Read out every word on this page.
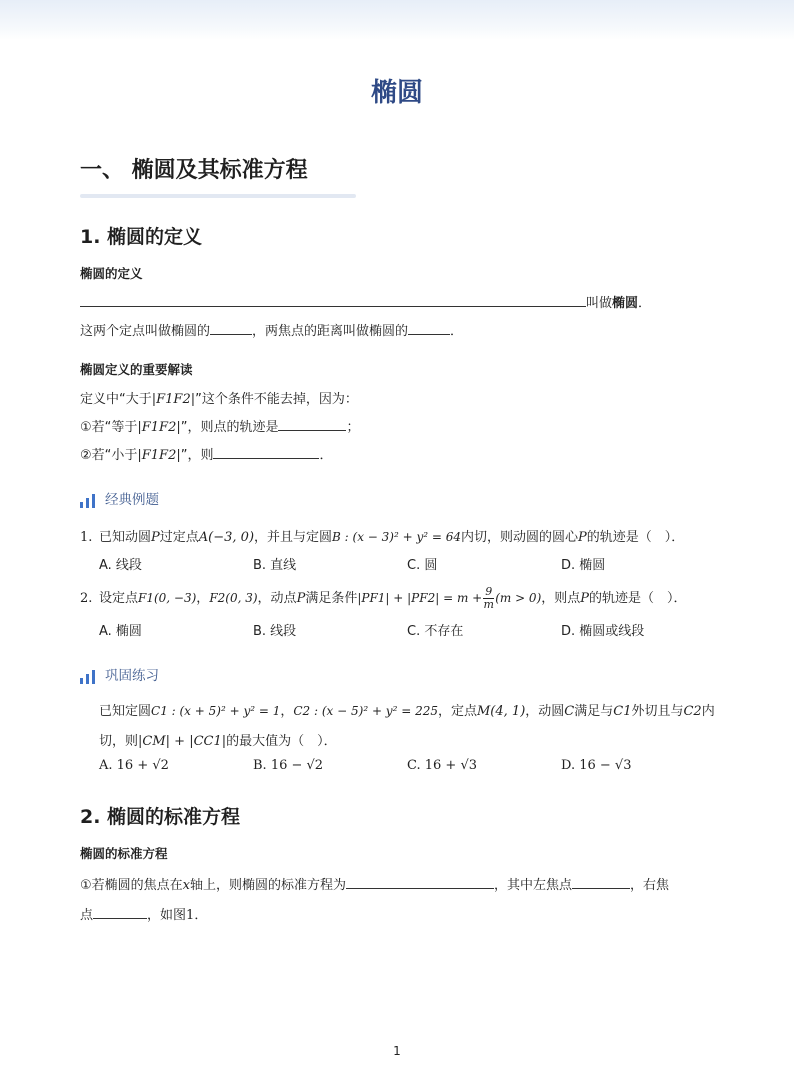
椭圆
一、 椭圆及其标准方程
1. 椭圆的定义
椭圆的定义
叫做椭圆．
这两个定点叫做椭圆的	，两焦点的距离叫做椭圆的	．
椭圆定义的重要解读
定义中“大于|F1F2|”这个条件不能去掉，因为：
①若“等于|F1F2|”，则点的轨迹是	；
②若“小于|F1F2|”，则	．
经典例题
1. 已知动圆P过定点A(−3, 0)，并且与定圆B : (x − 3)² + y² = 64内切，则动圆的圆心P的轨迹是（　）．
A. 线段	B. 直线	C. 圆	D. 椭圆
2. 设定点F1(0, −3)，F2(0, 3)，动点P满足条件$|PF1| + |PF2| = m + \frac{9}{m} (m > 0)$，则点P的轨迹是（　）．
A. 椭圆	B. 线段	C. 不存在	D. 椭圆或线段
巩固练习
已知定圆C1 : (x + 5)² + y² = 1，C2 : (x − 5)² + y² = 225，定点M(4, 1)，动圆C满足与C1外切且与C2内
切，则|CM| + |CC1|的最大值为（　）．
A. 16 + √2	B. 16 − √2	C. 16 + √3	D. 16 − √3
2. 椭圆的标准方程
椭圆的标准方程
①若椭圆的焦点在x轴上，则椭圆的标准方程为	，其中左焦点	，右焦
点	，如图1．
1
